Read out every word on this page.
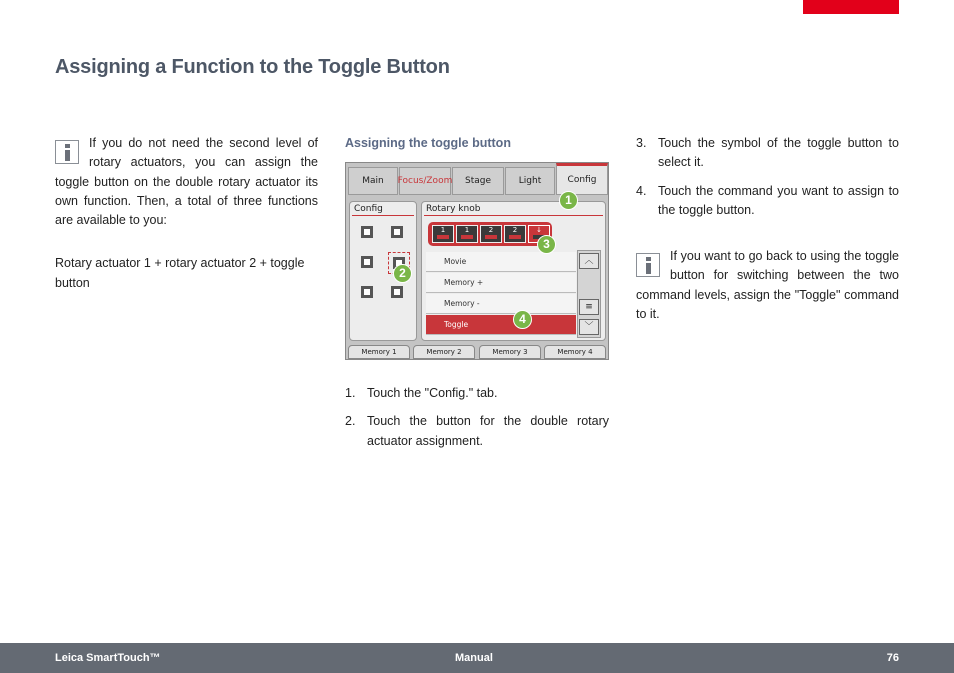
Assigning a Function to the Toggle Button

If you do not need the second level of rotary actuators, you can assign the toggle button on the double rotary actuator its own function. Then, a total of three functions are available to you:

Rotary actuator 1 + rotary actuator 2 + toggle button

Assigning the toggle button

Main	Focus/Zoom	Stage	Light	Config
Config	Rotary knob
1	1	2	2	↓
Movie
Memory +
Memory -
Toggle
︿
≡
﹀
Memory 1	Memory 2	Memory 3	Memory 4
1
2
3
4
1. Touch the "Config." tab.
2. Touch the button for the double rotary actuator assignment.
3. Touch the symbol of the toggle button to select it.
4. Touch the command you want to assign to the toggle button.

If you want to go back to using the toggle button for switching between the two command levels, assign the "Toggle" command to it.

Leica SmartTouch™	Manual	76
